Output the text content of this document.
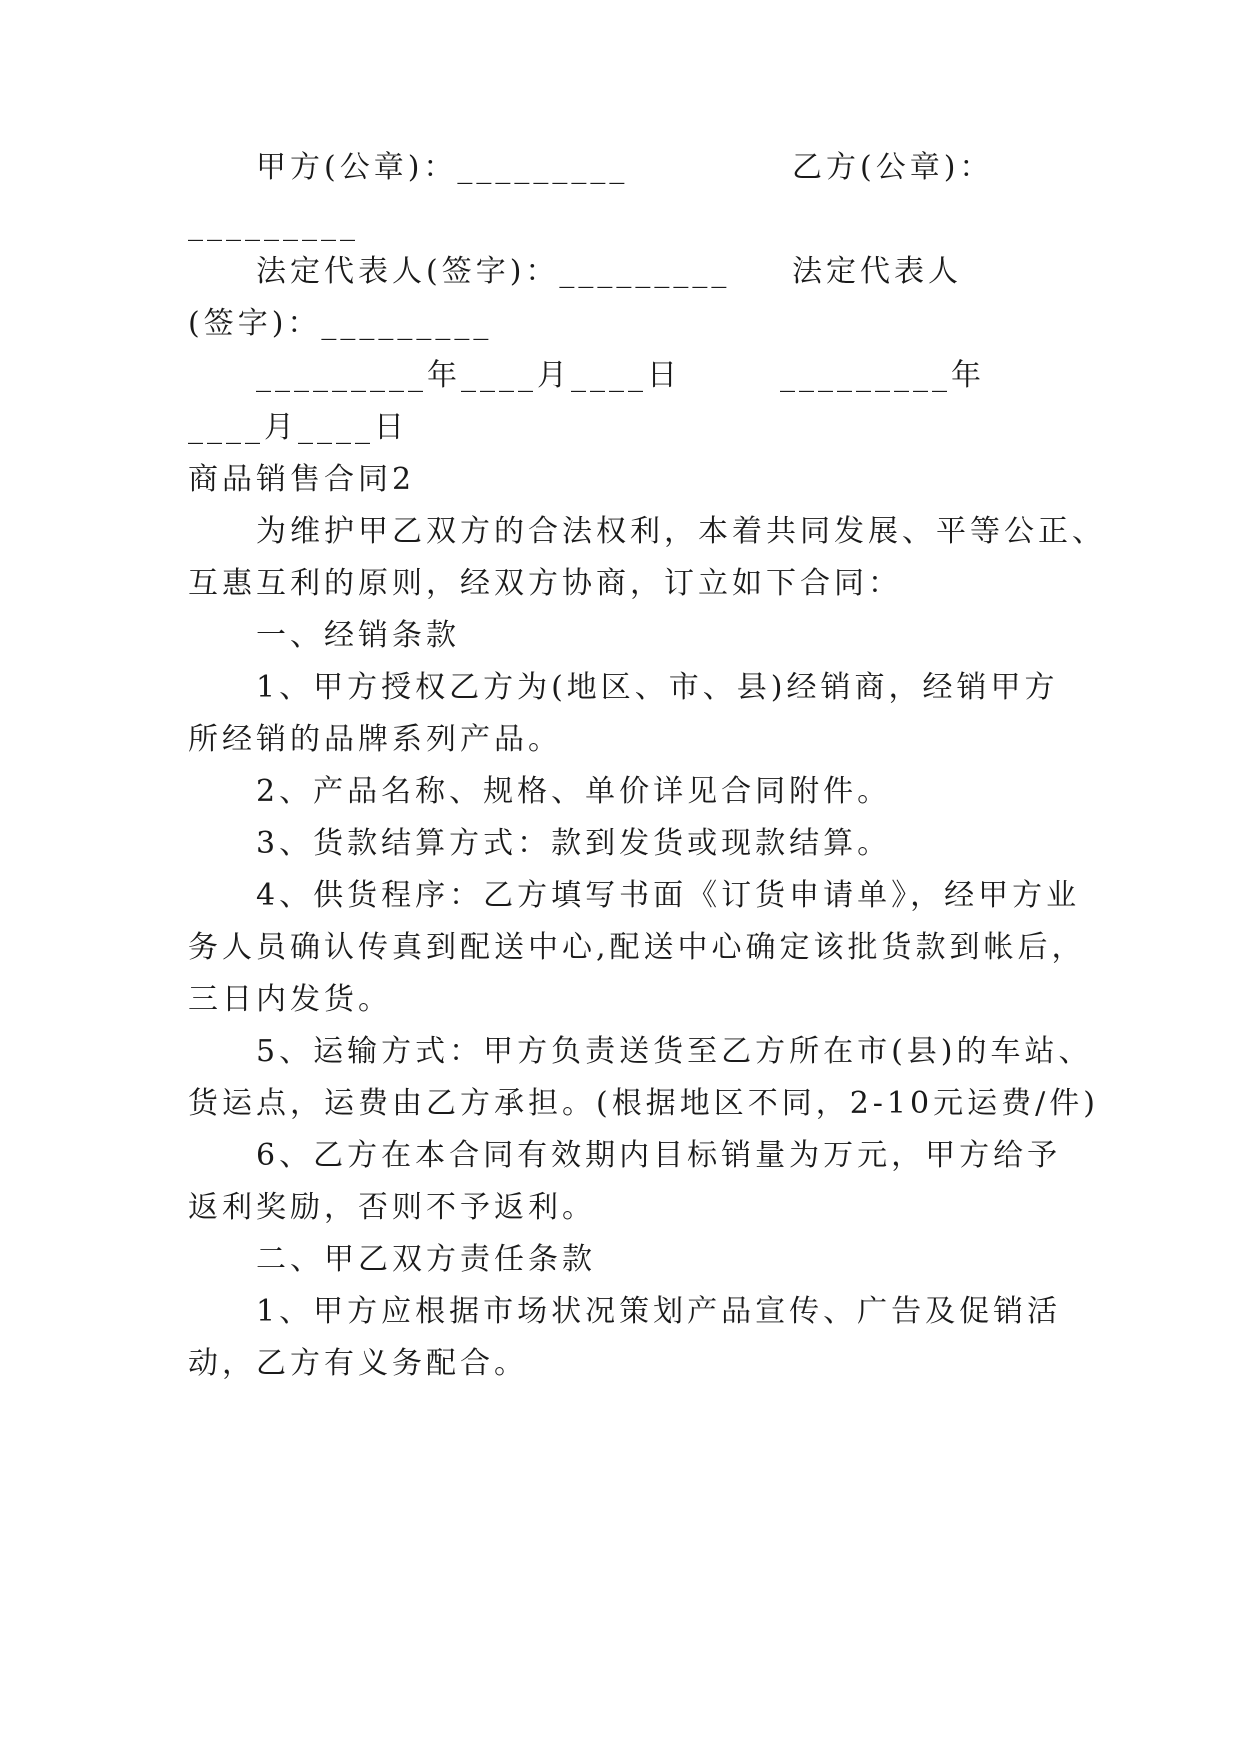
甲方(公章)：_________	乙方(公章)：
_________
法定代表人(签字)：_________ 法定代表人
(签字)：_________
_________年____月____日	_________年
____月____日
商品销售合同2
为维护甲乙双方的合法权利，本着共同发展、平等公正、
互惠互利的原则，经双方协商，订立如下合同：
一、经销条款
1、甲方授权乙方为(地区、市、县)经销商，经销甲方
所经销的品牌系列产品。
2、产品名称、规格、单价详见合同附件。
3、货款结算方式：款到发货或现款结算。
4、供货程序：乙方填写书面《订货申请单》，经甲方业
务人员确认传真到配送中心,配送中心确定该批货款到帐后，
三日内发货。
5、运输方式：甲方负责送货至乙方所在市(县)的车站、
货运点，运费由乙方承担。(根据地区不同，2-10元运费/件)
6、乙方在本合同有效期内目标销量为万元，甲方给予
返利奖励，否则不予返利。
二、甲乙双方责任条款
1、甲方应根据市场状况策划产品宣传、广告及促销活
动，乙方有义务配合。
